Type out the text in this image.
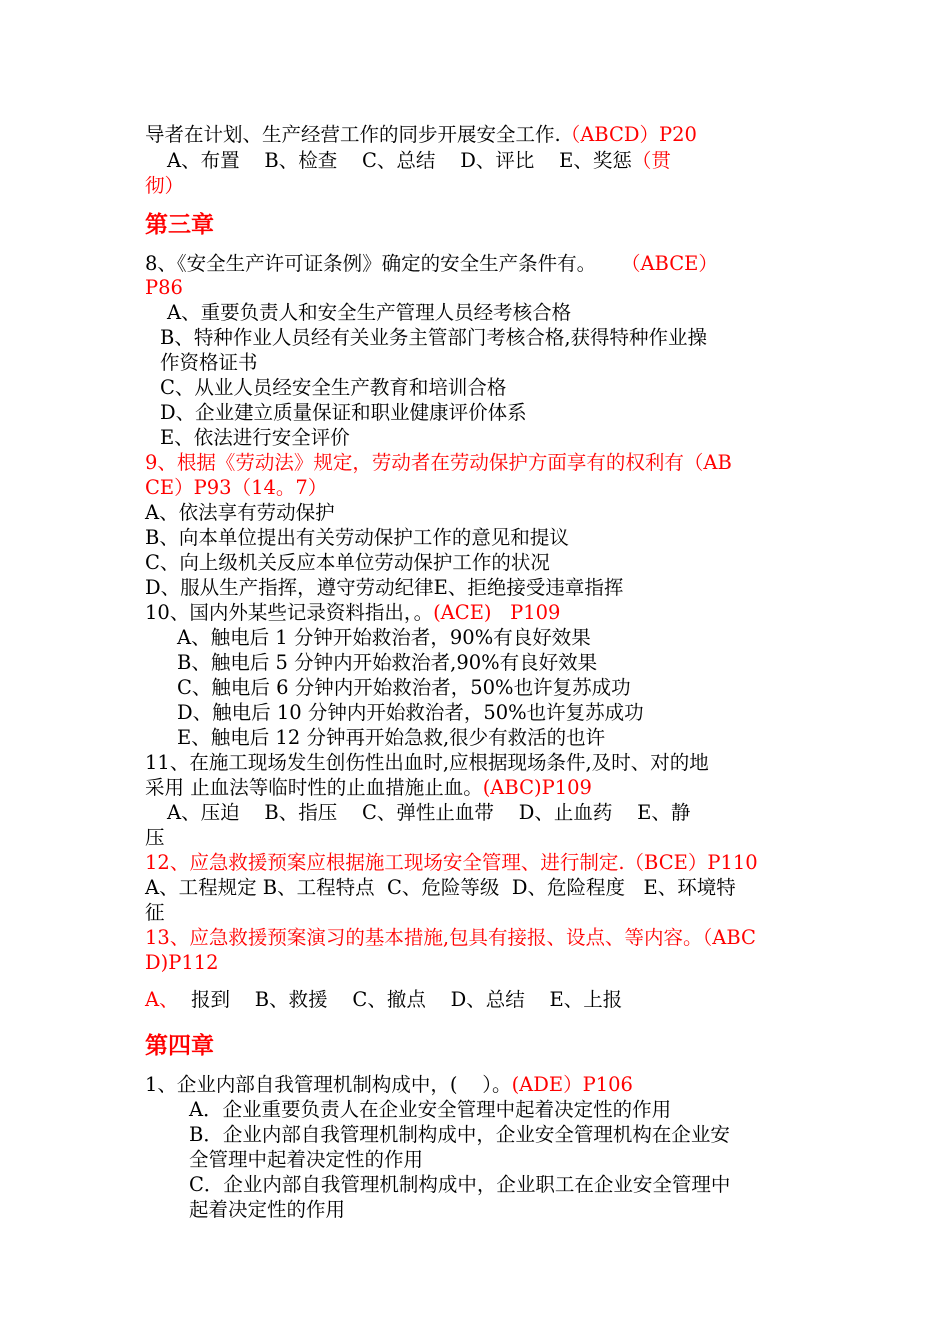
导者在计划、生产经营工作的同步开展安全工作.（ABCD）P20
A、布置    B、检查    C、总结    D、评比    E、奖惩（贯
彻）
第三章
8、《安全生产许可证条例》确定的安全生产条件有。    （ABCE）
P86
A、重要负责人和安全生产管理人员经考核合格
B、特种作业人员经有关业务主管部门考核合格,获得特种作业操
作资格证书
C、从业人员经安全生产教育和培训合格
D、企业建立质量保证和职业健康评价体系
E、依法进行安全评价
9、根据《劳动法》规定，劳动者在劳动保护方面享有的权利有（AB
CE）P93（14。7）
A、依法享有劳动保护
B、向本单位提出有关劳动保护工作的意见和提议
C、向上级机关反应本单位劳动保护工作的状况
D、服从生产指挥，遵守劳动纪律E、拒绝接受违章指挥
10、国内外某些记录资料指出，。(ACE)   P109
A、触电后 1 分钟开始救治者，90%有良好效果
B、触电后 5 分钟内开始救治者,90%有良好效果
C、触电后 6 分钟内开始救治者，50%也许复苏成功
D、触电后 10 分钟内开始救治者，50%也许复苏成功
E、触电后 12 分钟再开始急救,很少有救活的也许
11、在施工现场发生创伤性出血时,应根据现场条件,及时、对的地
采用 止血法等临时性的止血措施止血。(ABC)P109
A、压迫    B、指压    C、弹性止血带    D、止血药    E、静
压
12、应急救援预案应根据施工现场安全管理、进行制定.（BCE）P110
A、工程规定 B、工程特点  C、危险等级  D、危险程度   E、环境特
征
13、应急救援预案演习的基本措施,包具有接报、设点、等内容。（ABC
D)P112
A、  报到    B、救援    C、撤点    D、总结    E、上报
第四章
1、企业内部自我管理机制构成中，(    ）。(ADE）P106
A．企业重要负责人在企业安全管理中起着决定性的作用
B．企业内部自我管理机制构成中，企业安全管理机构在企业安
全管理中起着决定性的作用
C．企业内部自我管理机制构成中，企业职工在企业安全管理中
起着决定性的作用
